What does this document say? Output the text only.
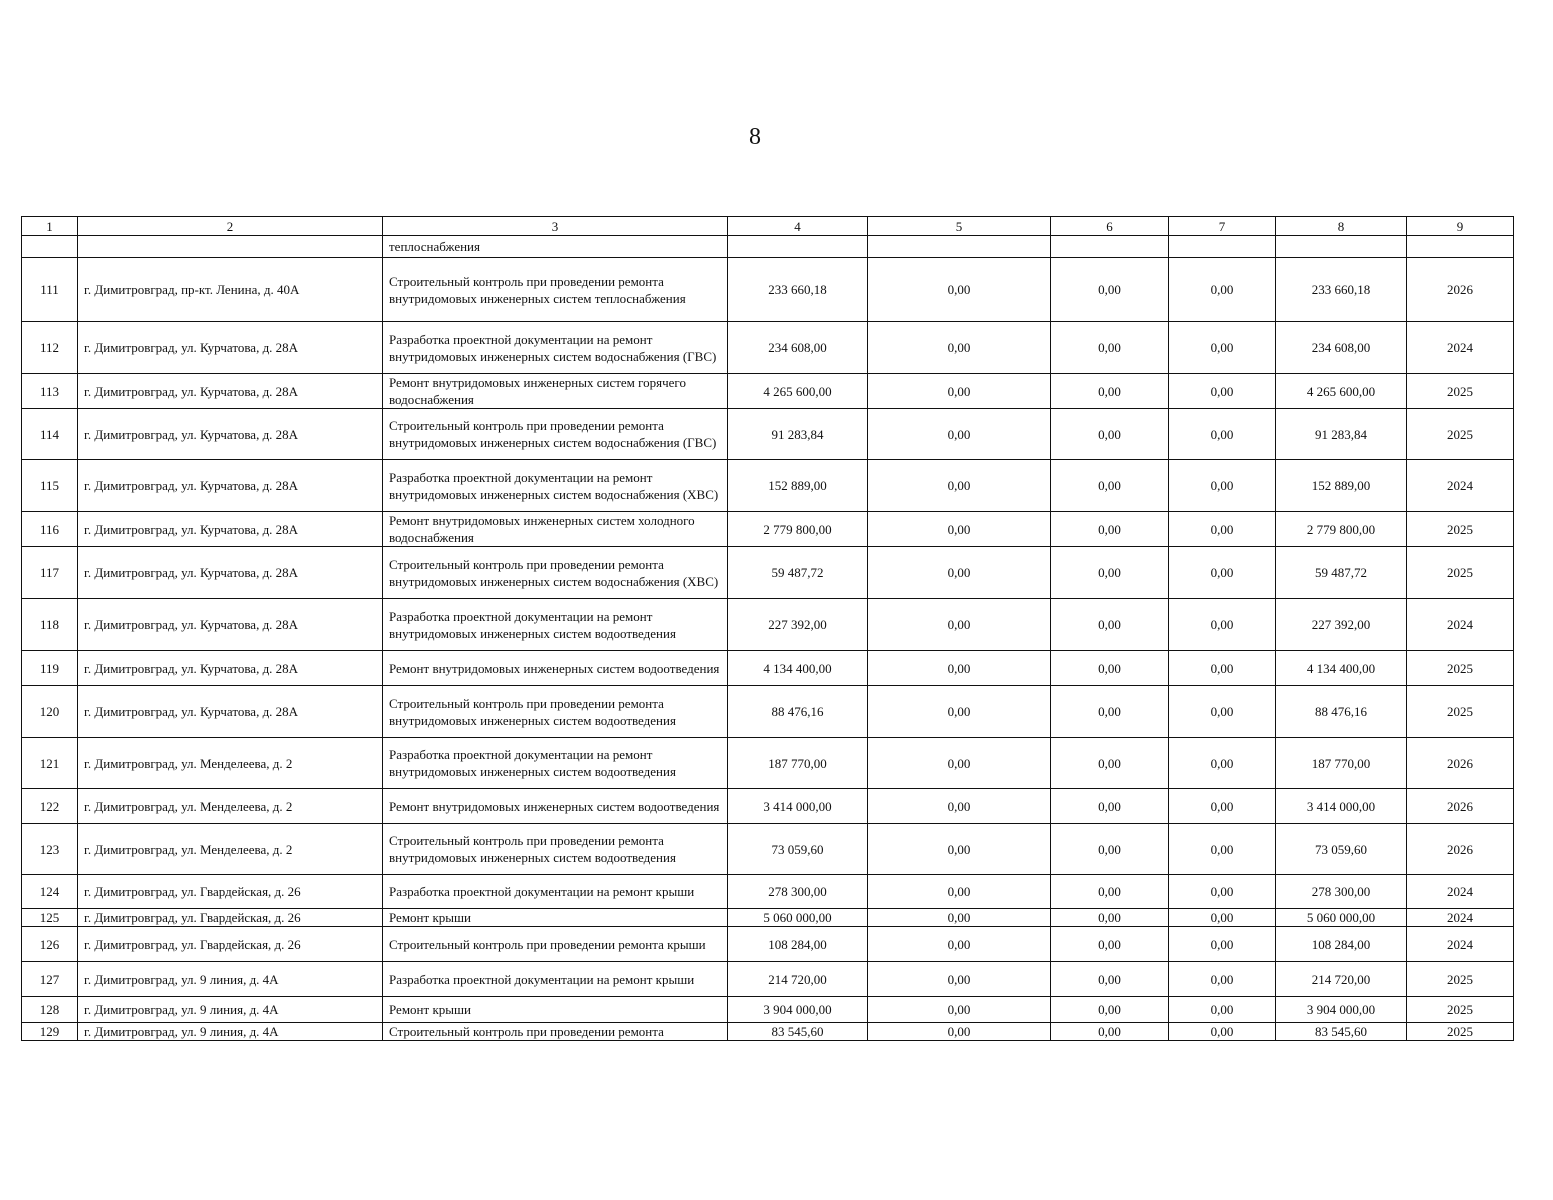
8
1	2	3	4	5	6	7	8	9
		теплоснабжения						
111	г. Димитровград, пр-кт. Ленина, д. 40А	Строительный контроль при проведении ремонта внутридомовых инженерных систем теплоснабжения	233 660,18	0,00	0,00	0,00	233 660,18	2026
112	г. Димитровград, ул. Курчатова, д. 28А	Разработка проектной документации на ремонт внутридомовых инженерных систем водоснабжения (ГВС)	234 608,00	0,00	0,00	0,00	234 608,00	2024
113	г. Димитровград, ул. Курчатова, д. 28А	Ремонт внутридомовых инженерных систем горячего водоснабжения	4 265 600,00	0,00	0,00	0,00	4 265 600,00	2025
114	г. Димитровград, ул. Курчатова, д. 28А	Строительный контроль при проведении ремонта внутридомовых инженерных систем водоснабжения (ГВС)	91 283,84	0,00	0,00	0,00	91 283,84	2025
115	г. Димитровград, ул. Курчатова, д. 28А	Разработка проектной документации на ремонт внутридомовых инженерных систем водоснабжения (ХВС)	152 889,00	0,00	0,00	0,00	152 889,00	2024
116	г. Димитровград, ул. Курчатова, д. 28А	Ремонт внутридомовых инженерных систем холодного водоснабжения	2 779 800,00	0,00	0,00	0,00	2 779 800,00	2025
117	г. Димитровград, ул. Курчатова, д. 28А	Строительный контроль при проведении ремонта внутридомовых инженерных систем водоснабжения (ХВС)	59 487,72	0,00	0,00	0,00	59 487,72	2025
118	г. Димитровград, ул. Курчатова, д. 28А	Разработка проектной документации на ремонт внутридомовых инженерных систем водоотведения	227 392,00	0,00	0,00	0,00	227 392,00	2024
119	г. Димитровград, ул. Курчатова, д. 28А	Ремонт внутридомовых инженерных систем водоотведения	4 134 400,00	0,00	0,00	0,00	4 134 400,00	2025
120	г. Димитровград, ул. Курчатова, д. 28А	Строительный контроль при проведении ремонта внутридомовых инженерных систем водоотведения	88 476,16	0,00	0,00	0,00	88 476,16	2025
121	г. Димитровград, ул. Менделеева, д. 2	Разработка проектной документации на ремонт внутридомовых инженерных систем водоотведения	187 770,00	0,00	0,00	0,00	187 770,00	2026
122	г. Димитровград, ул. Менделеева, д. 2	Ремонт внутридомовых инженерных систем водоотведения	3 414 000,00	0,00	0,00	0,00	3 414 000,00	2026
123	г. Димитровград, ул. Менделеева, д. 2	Строительный контроль при проведении ремонта внутридомовых инженерных систем водоотведения	73 059,60	0,00	0,00	0,00	73 059,60	2026
124	г. Димитровград, ул. Гвардейская, д. 26	Разработка проектной документации на ремонт крыши	278 300,00	0,00	0,00	0,00	278 300,00	2024
125	г. Димитровград, ул. Гвардейская, д. 26	Ремонт крыши	5 060 000,00	0,00	0,00	0,00	5 060 000,00	2024
126	г. Димитровград, ул. Гвардейская, д. 26	Строительный контроль при проведении ремонта крыши	108 284,00	0,00	0,00	0,00	108 284,00	2024
127	г. Димитровград, ул. 9 линия, д. 4А	Разработка проектной документации на ремонт крыши	214 720,00	0,00	0,00	0,00	214 720,00	2025
128	г. Димитровград, ул. 9 линия, д. 4А	Ремонт крыши	3 904 000,00	0,00	0,00	0,00	3 904 000,00	2025
129	г. Димитровград, ул. 9 линия, д. 4А	Строительный контроль при проведении ремонта	83 545,60	0,00	0,00	0,00	83 545,60	2025
